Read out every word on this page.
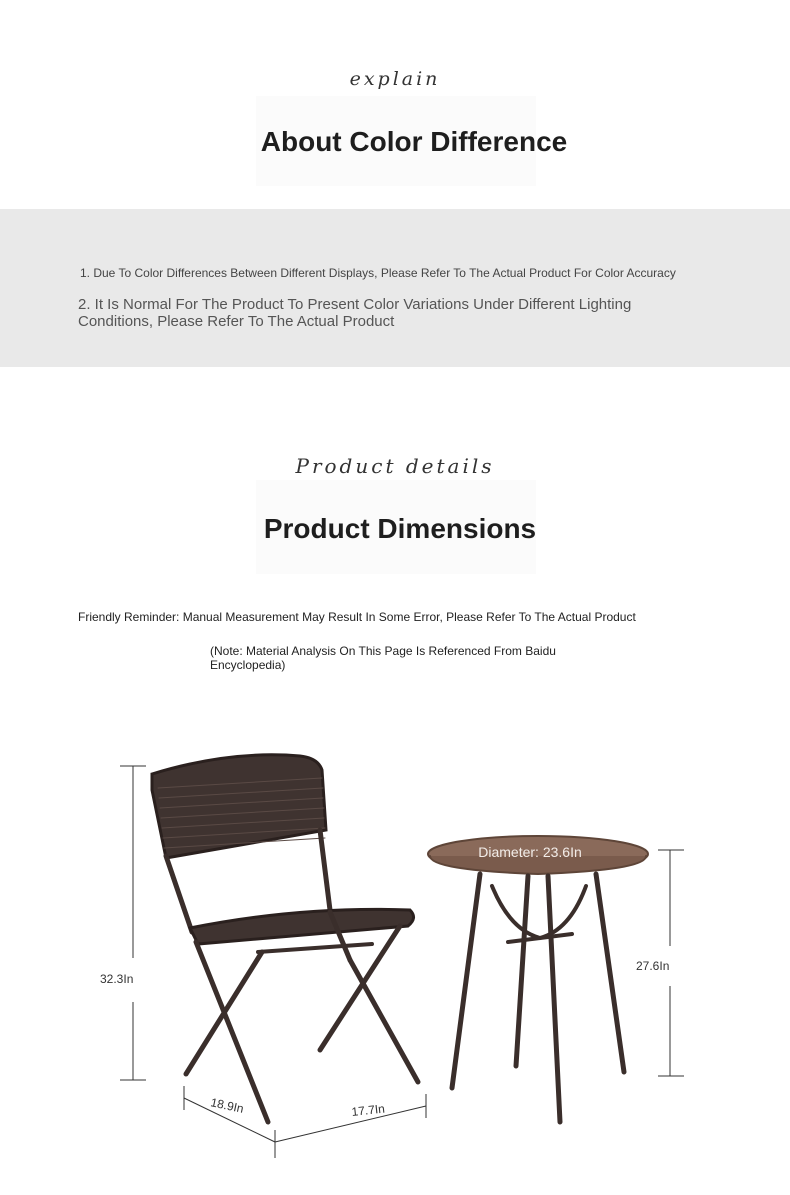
explain
About Color Difference
1. Due To Color Differences Between Different Displays, Please Refer To The Actual Product For Color Accuracy
2. It Is Normal For The Product To Present Color Variations Under Different Lighting Conditions, Please Refer To The Actual Product
Product details
Product Dimensions
Friendly Reminder: Manual Measurement May Result In Some Error, Please Refer To The Actual Product
(Note: Material Analysis On This Page Is Referenced From Baidu Encyclopedia)
32.3In
18.9In	17.7In
Diameter: 23.6In
27.6In
